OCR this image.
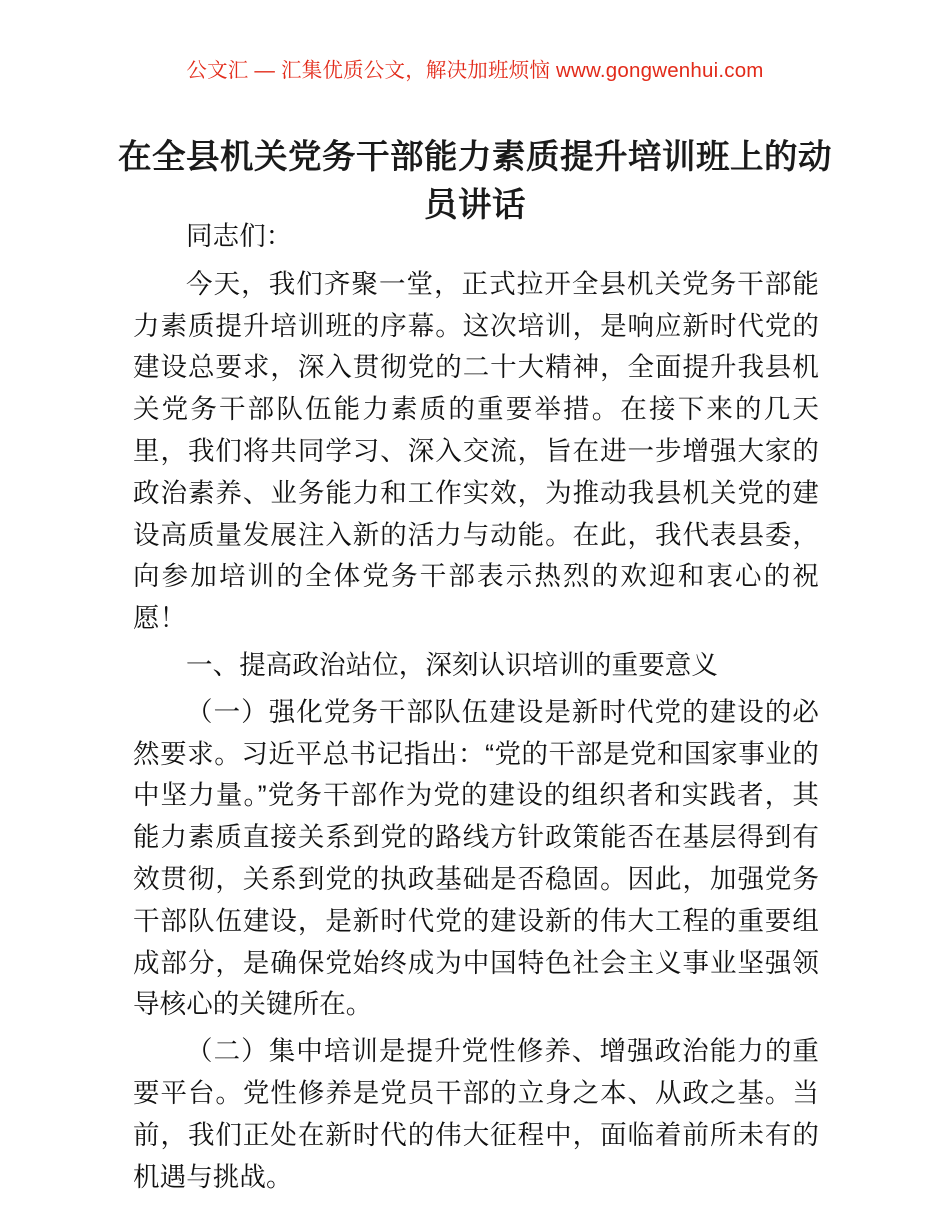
公文汇 — 汇集优质公文，解决加班烦恼 www.gongwenhui.com
在全县机关党务干部能力素质提升培训班上的动员讲话

同志们：

今天，我们齐聚一堂，正式拉开全县机关党务干部能力素质提升培训班的序幕。这次培训，是响应新时代党的建设总要求，深入贯彻党的二十大精神，全面提升我县机关党务干部队伍能力素质的重要举措。在接下来的几天里，我们将共同学习、深入交流，旨在进一步增强大家的政治素养、业务能力和工作实效，为推动我县机关党的建设高质量发展注入新的活力与动能。在此，我代表县委，向参加培训的全体党务干部表示热烈的欢迎和衷心的祝愿！

一、提高政治站位，深刻认识培训的重要意义

（一）强化党务干部队伍建设是新时代党的建设的必然要求。习近平总书记指出：“党的干部是党和国家事业的中坚力量。”党务干部作为党的建设的组织者和实践者，其能力素质直接关系到党的路线方针政策能否在基层得到有效贯彻，关系到党的执政基础是否稳固。因此，加强党务干部队伍建设，是新时代党的建设新的伟大工程的重要组成部分，是确保党始终成为中国特色社会主义事业坚强领导核心的关键所在。

（二）集中培训是提升党性修养、增强政治能力的重要平台。党性修养是党员干部的立身之本、从政之基。当前，我们正处在新时代的伟大征程中，面临着前所未有的机遇与挑战。
